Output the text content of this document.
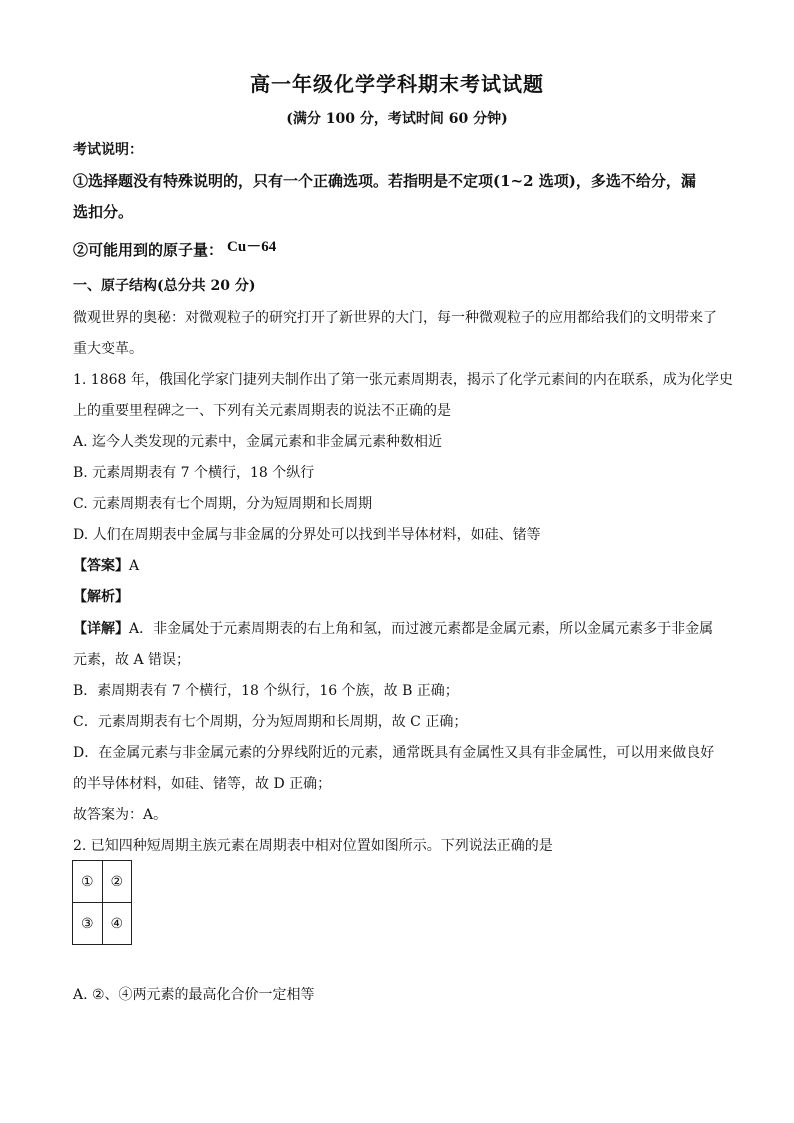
高一年级化学学科期末考试试题
(满分 100 分，考试时间 60 分钟)
考试说明：
①选择题没有特殊说明的，只有一个正确选项。若指明是不定项(1~2 选项)，多选不给分，漏
选扣分。
②可能用到的原子量： Cu－64
一、原子结构(总分共 20 分)
微观世界的奥秘：对微观粒子的研究打开了新世界的大门，每一种微观粒子的应用都给我们的文明带来了
重大变革。
1. 1868 年，俄国化学家门捷列夫制作出了第一张元素周期表，揭示了化学元素间的内在联系，成为化学史
上的重要里程碑之一、下列有关元素周期表的说法不正确的是
A. 迄今人类发现的元素中，金属元素和非金属元素种数相近
B. 元素周期表有 7 个横行，18 个纵行
C. 元素周期表有七个周期，分为短周期和长周期
D. 人们在周期表中金属与非金属的分界处可以找到半导体材料，如硅、锗等
【答案】A
【解析】
【详解】A．非金属处于元素周期表的右上角和氢，而过渡元素都是金属元素，所以金属元素多于非金属
元素，故 A 错误；
B．素周期表有 7 个横行，18 个纵行，16 个族，故 B 正确；
C．元素周期表有七个周期，分为短周期和长周期，故 C 正确；
D．在金属元素与非金属元素的分界线附近的元素，通常既具有金属性又具有非金属性，可以用来做良好
的半导体材料，如硅、锗等，故 D 正确；
故答案为：A。
2. 已知四种短周期主族元素在周期表中相对位置如图所示。下列说法正确的是
①	②
③	④
A. ②、④两元素的最高化合价一定相等
